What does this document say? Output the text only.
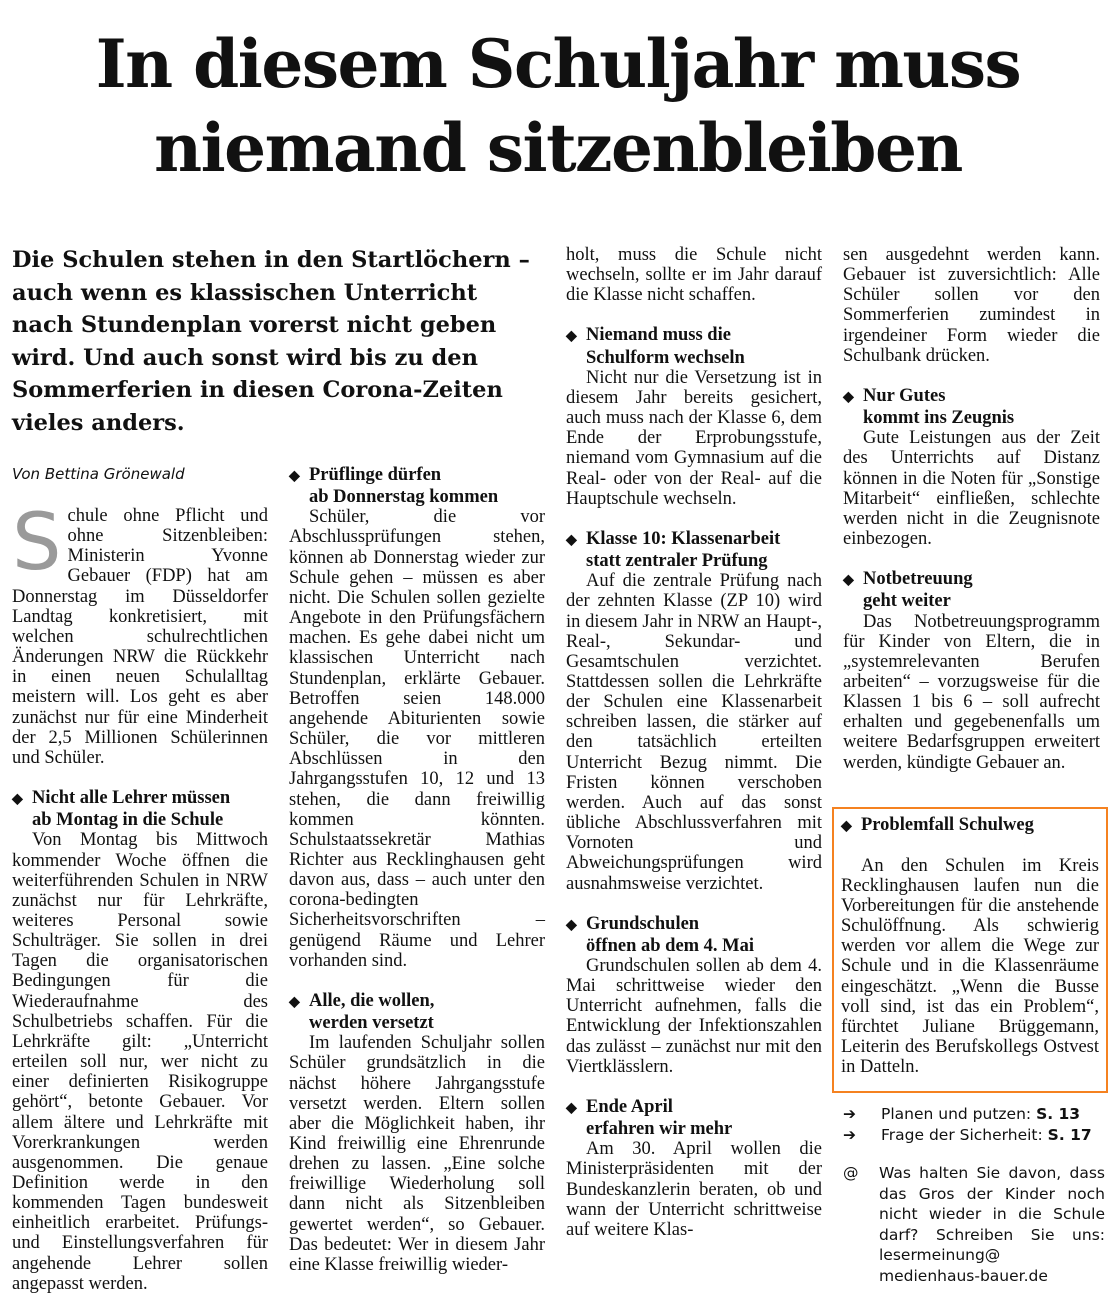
In diesem Schuljahr muss
niemand sitzenbleiben

Die Schulen stehen in den Startlöchern – auch wenn es klassischen Unterricht nach Stundenplan vorerst nicht geben wird. Und auch sonst wird bis zu den Sommerferien in diesen Corona-Zeiten vieles anders.

Von Bettina Grönewald

Schule ohne Pflicht und ohne Sitzenbleiben: Ministerin Yvonne Gebauer (FDP) hat am Donnerstag im Düsseldorfer Landtag konkretisiert, mit welchen schulrechtlichen Änderungen NRW die Rückkehr in einen neuen Schulalltag meistern will. Los geht es aber zunächst nur für eine Minderheit der 2,5 Millionen Schülerinnen und Schüler.

◆ Nicht alle Lehrer müssen
ab Montag in die Schule

Von Montag bis Mittwoch kommender Woche öffnen die weiterführenden Schulen in NRW zunächst nur für Lehrkräfte, weiteres Personal sowie Schulträger. Sie sollen in drei Tagen die organisatorischen Bedingungen für die Wiederaufnahme des Schulbetriebs schaffen. Für die Lehrkräfte gilt: „Unterricht erteilen soll nur, wer nicht zu einer definierten Risikogruppe gehört“, betonte Gebauer. Vor allem ältere und Lehrkräfte mit Vorerkrankungen werden ausgenommen. Die genaue Definition werde in den kommenden Tagen bundesweit einheitlich erarbeitet. Prüfungs- und Einstellungsverfahren für angehende Lehrer sollen angepasst werden.

◆ Prüflinge dürfen
ab Donnerstag kommen

Schüler, die vor Abschlussprüfungen stehen, können ab Donnerstag wieder zur Schule gehen – müssen es aber nicht. Die Schulen sollen gezielte Angebote in den Prüfungsfächern machen. Es gehe dabei nicht um klassischen Unterricht nach Stundenplan, erklärte Gebauer. Betroffen seien 148.000 angehende Abiturienten sowie Schüler, die vor mittleren Abschlüssen in den Jahrgangsstufen 10, 12 und 13 stehen, die dann freiwillig kommen könnten. Schulstaatssekretär Mathias Richter aus Recklinghausen geht davon aus, dass – auch unter den corona-bedingten Sicherheitsvorschriften – genügend Räume und Lehrer vorhanden sind.

◆ Alle, die wollen,
werden versetzt

Im laufenden Schuljahr sollen Schüler grundsätzlich in die nächst höhere Jahrgangsstufe versetzt werden. Eltern sollen aber die Möglichkeit haben, ihr Kind freiwillig eine Ehrenrunde drehen zu lassen. „Eine solche freiwillige Wiederholung soll dann nicht als Sitzenbleiben gewertet werden“, so Gebauer. Das bedeutet: Wer in diesem Jahr eine Klasse freiwillig wieder-

holt, muss die Schule nicht wechseln, sollte er im Jahr darauf die Klasse nicht schaffen.

◆ Niemand muss die
Schulform wechseln

Nicht nur die Versetzung ist in diesem Jahr bereits gesichert, auch muss nach der Klasse 6, dem Ende der Erprobungsstufe, niemand vom Gymnasium auf die Real- oder von der Real- auf die Hauptschule wechseln.

◆ Klasse 10: Klassenarbeit
statt zentraler Prüfung

Auf die zentrale Prüfung nach der zehnten Klasse (ZP 10) wird in diesem Jahr in NRW an Haupt-, Real-, Sekundar- und Gesamtschulen verzichtet. Stattdessen sollen die Lehrkräfte der Schulen eine Klassenarbeit schreiben lassen, die stärker auf den tatsächlich erteilten Unterricht Bezug nimmt. Die Fristen können verschoben werden. Auch auf das sonst übliche Abschlussverfahren mit Vornoten und Abweichungsprüfungen wird ausnahmsweise verzichtet.

◆ Grundschulen
öffnen ab dem 4. Mai

Grundschulen sollen ab dem 4. Mai schrittweise wieder den Unterricht aufnehmen, falls die Entwicklung der Infektionszahlen das zulässt – zunächst nur mit den Viertklässlern.

◆ Ende April
erfahren wir mehr

Am 30. April wollen die Ministerpräsidenten mit der Bundeskanzlerin beraten, ob und wann der Unterricht schrittweise auf weitere Klas-

sen ausgedehnt werden kann. Gebauer ist zuversichtlich: Alle Schüler sollen vor den Sommerferien zumindest in irgendeiner Form wieder die Schulbank drücken.

◆ Nur Gutes
kommt ins Zeugnis

Gute Leistungen aus der Zeit des Unterrichts auf Distanz können in die Noten für „Sonstige Mitarbeit“ einfließen, schlechte werden nicht in die Zeugnisnote einbezogen.

◆ Notbetreuung
geht weiter

Das Notbetreuungsprogramm für Kinder von Eltern, die in „systemrelevanten Berufen arbeiten“ – vorzugsweise für die Klassen 1 bis 6 – soll aufrecht erhalten und gegebenenfalls um weitere Bedarfsgruppen erweitert werden, kündigte Gebauer an.

◆ Problemfall Schulweg

An den Schulen im Kreis Recklinghausen laufen nun die Vorbereitungen für die anstehende Schulöffnung. Als schwierig werden vor allem die Wege zur Schule und in die Klassenräume eingeschätzt. „Wenn die Busse voll sind, ist das ein Problem“, fürchtet Juliane Brüggemann, Leiterin des Berufskollegs Ostvest in Datteln.

➔	Planen und putzen: S. 13
➔	Frage der Sicherheit: S. 17
@	Was halten Sie davon, dass das Gros der Kinder noch nicht wieder in die Schule darf? Schreiben Sie uns: lesermeinung@ medienhaus-bauer.de
